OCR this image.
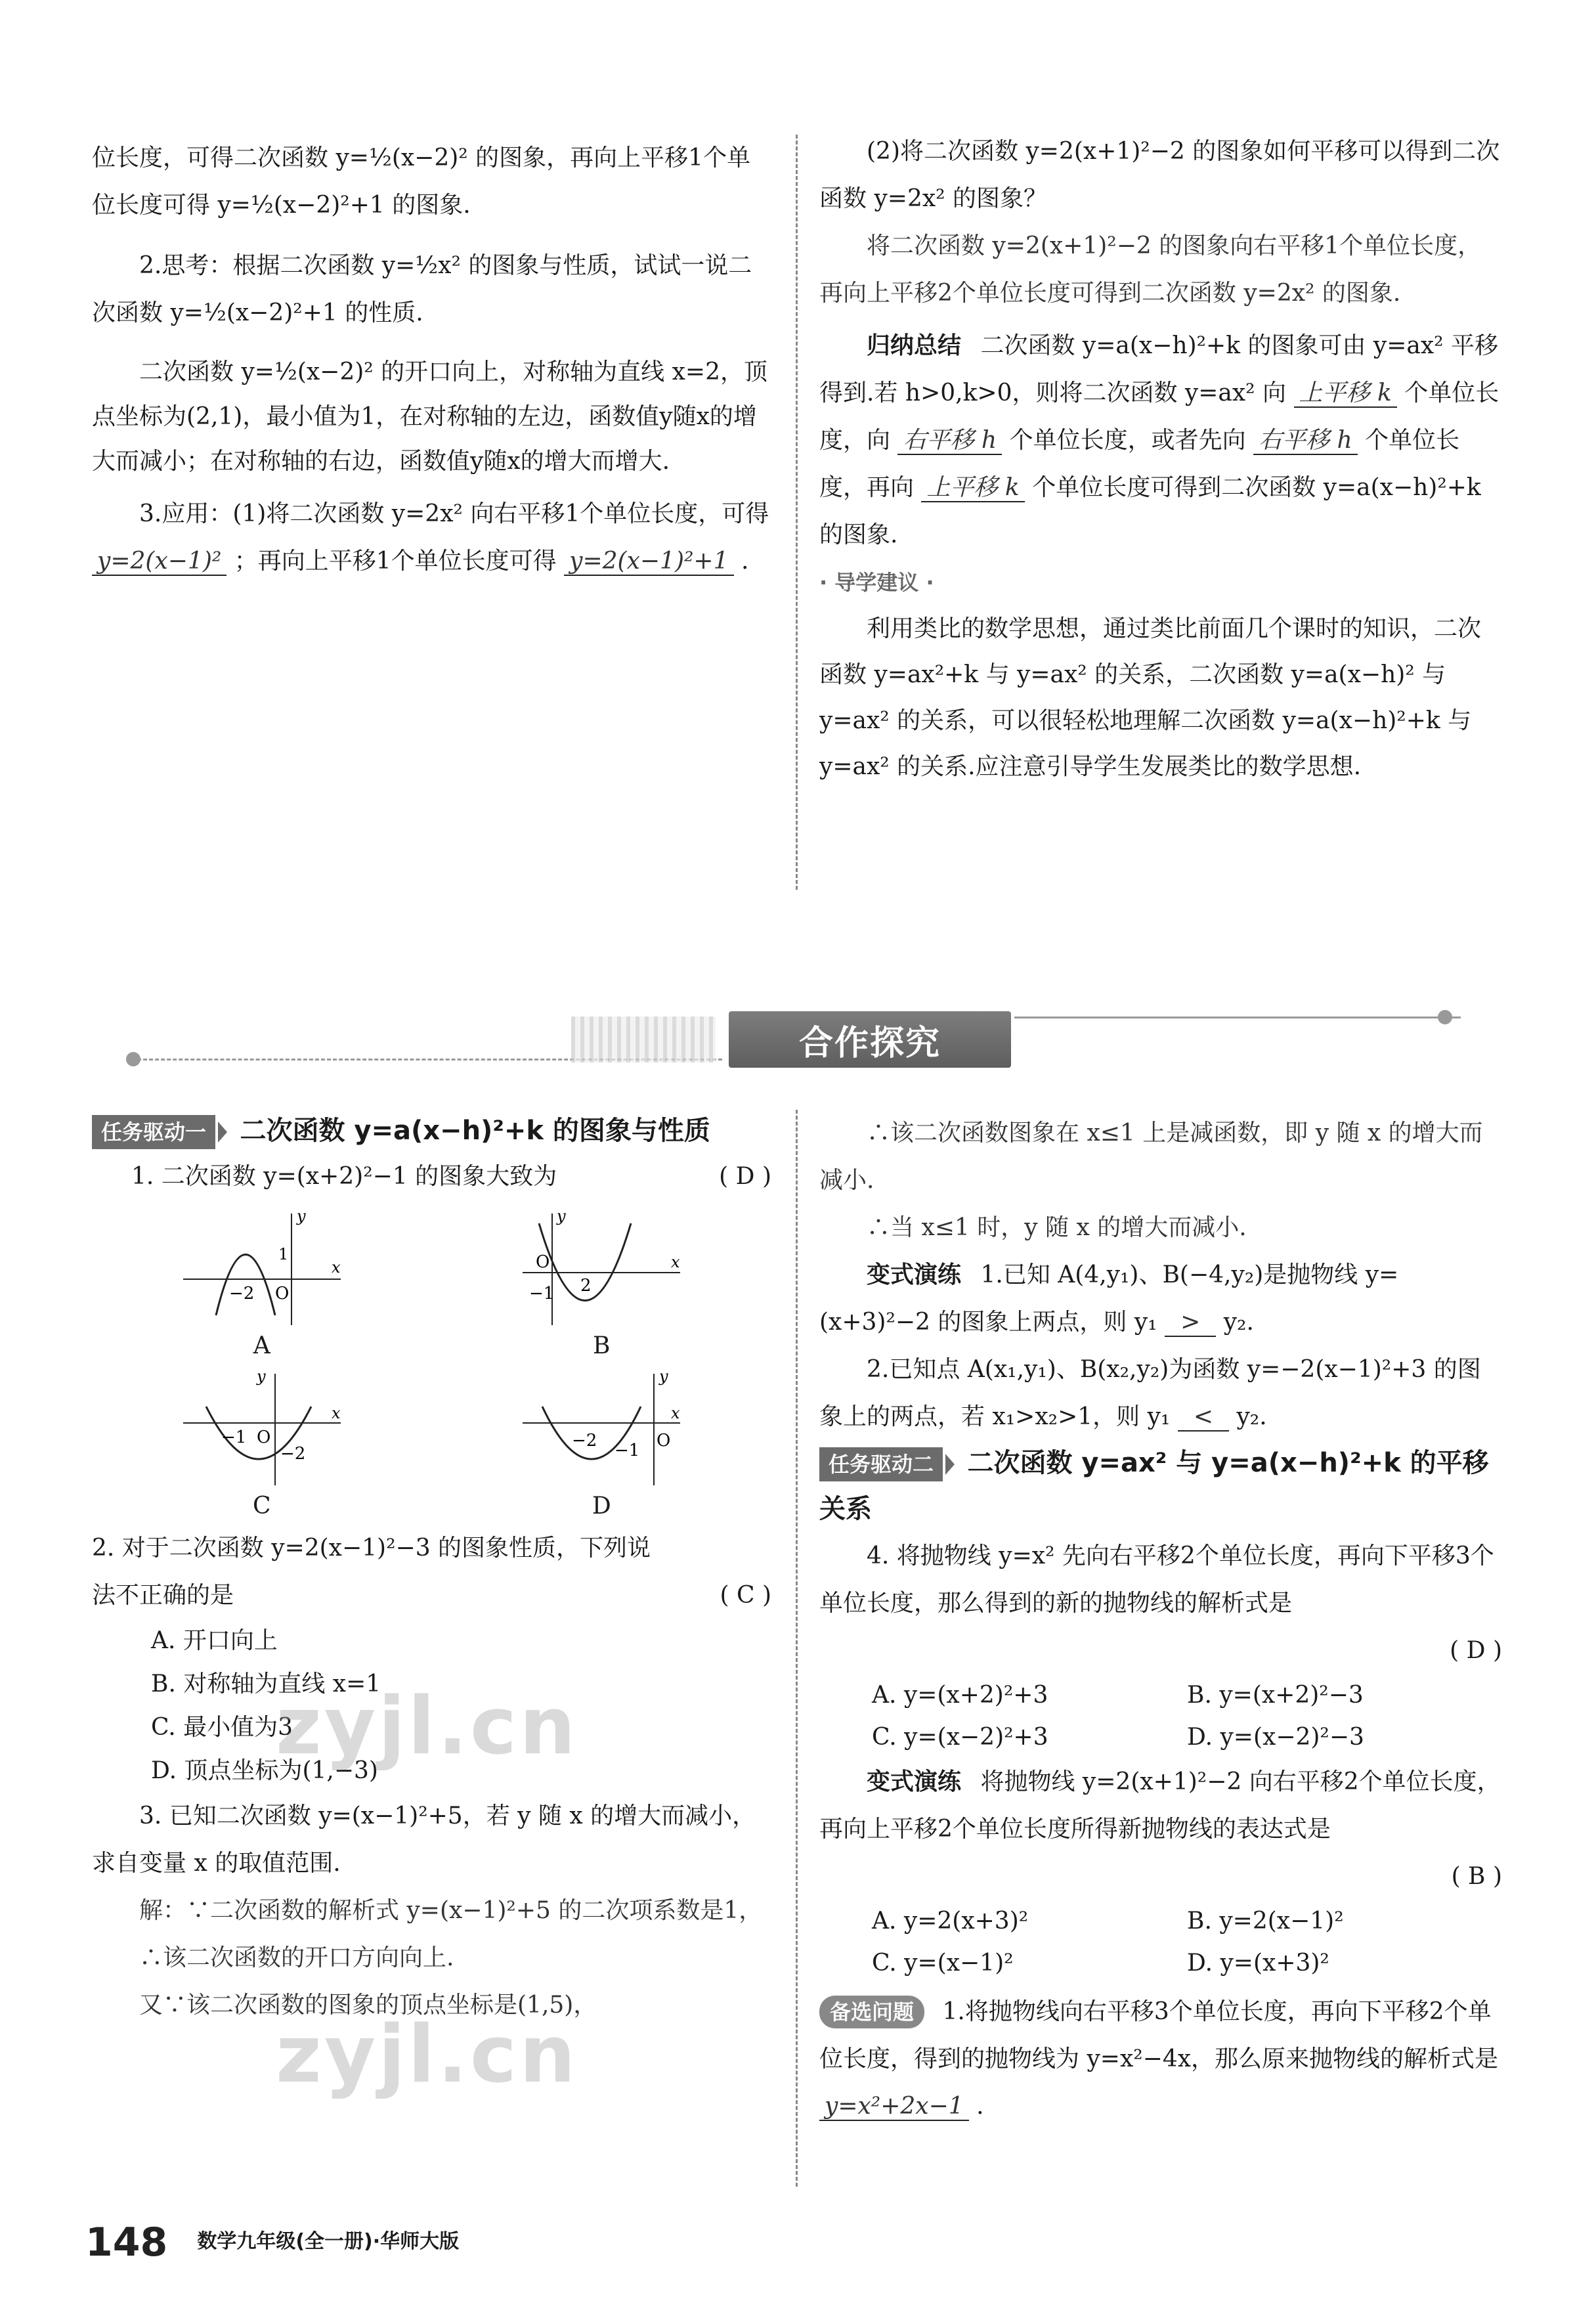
位长度，可得二次函数 y=½(x−2)² 的图象，再向上平移1个单位长度可得 y=½(x−2)²+1 的图象.

2.思考：根据二次函数 y=½x² 的图象与性质，试试一说二次函数 y=½(x−2)²+1 的性质.

二次函数 y=½(x−2)² 的开口向上，对称轴为直线 x=2，顶点坐标为(2,1)，最小值为1，在对称轴的左边，函数值y随x的增大而减小；在对称轴的右边，函数值y随x的增大而增大.

3.应用：(1)将二次函数 y=2x² 向右平移1个单位长度，可得 y=2(x−1)² ；再向上平移1个单位长度可得 y=2(x−1)²+1 .

(2)将二次函数 y=2(x+1)²−2 的图象如何平移可以得到二次函数 y=2x² 的图象？

将二次函数 y=2(x+1)²−2 的图象向右平移1个单位长度，再向上平移2个单位长度可得到二次函数 y=2x² 的图象.

归纳总结 二次函数 y=a(x−h)²+k 的图象可由 y=ax² 平移得到.若 h>0,k>0，则将二次函数 y=ax² 向 上平移 k 个单位长度，向 右平移 h 个单位长度，或者先向 右平移 h 个单位长度，再向 上平移 k 个单位长度可得到二次函数 y=a(x−h)²+k 的图象.

· 导学建议 ·

利用类比的数学思想，通过类比前面几个课时的知识，二次函数 y=ax²+k 与 y=ax² 的关系，二次函数 y=a(x−h)² 与 y=ax² 的关系，可以很轻松地理解二次函数 y=a(x−h)²+k 与 y=ax² 的关系.应注意引导学生发展类比的数学思想.

合作探究
任务驱动一 二次函数 y=a(x−h)²+k 的图象与性质
1. 二次函数 y=(x+2)²−1 的图象大致为	( D )
x
y
1
−2 O
A
x
y
O
−1 2
B
x
y
−1 O
−2
C
x
y
−2 −1 O
D
2. 对于二次函数 y=2(x−1)²−3 的图象性质，下列说法不正确的是	( C )
A. 开口向上
B. 对称轴为直线 x=1
C. 最小值为3
D. 顶点坐标为(1,−3)

3. 已知二次函数 y=(x−1)²+5，若 y 随 x 的增大而减小，求自变量 x 的取值范围.

解：∵二次函数的解析式 y=(x−1)²+5 的二次项系数是1，

∴该二次函数的开口方向向上.

又∵该二次函数的图象的顶点坐标是(1,5)，

∴该二次函数图象在 x≤1 上是减函数，即 y 随 x 的增大而减小.

∴当 x≤1 时，y 随 x 的增大而减小.

变式演练 1.已知 A(4,y₁)、B(−4,y₂)是抛物线 y=(x+3)²−2 的图象上两点，则 y₁ > y₂.

2.已知点 A(x₁,y₁)、B(x₂,y₂)为函数 y=−2(x−1)²+3 的图象上的两点，若 x₁>x₂>1，则 y₁ < y₂.

任务驱动二 二次函数 y=ax² 与 y=a(x−h)²+k 的平移关系

4. 将抛物线 y=x² 先向右平移2个单位长度，再向下平移3个单位长度，那么得到的新的抛物线的解析式是

( D )
A. y=(x+2)²+3	B. y=(x+2)²−3
C. y=(x−2)²+3	D. y=(x−2)²−3

变式演练 将抛物线 y=2(x+1)²−2 向右平移2个单位长度，再向上平移2个单位长度所得新抛物线的表达式是

( B )
A. y=2(x+3)²	B. y=2(x−1)²
C. y=(x−1)²	D. y=(x+3)²

备选问题 1.将抛物线向右平移3个单位长度，再向下平移2个单位长度，得到的抛物线为 y=x²−4x，那么原来抛物线的解析式是 y=x²+2x−1 .

zyjl.cn
zyjl.cn
148 数学九年级(全一册)·华师大版
